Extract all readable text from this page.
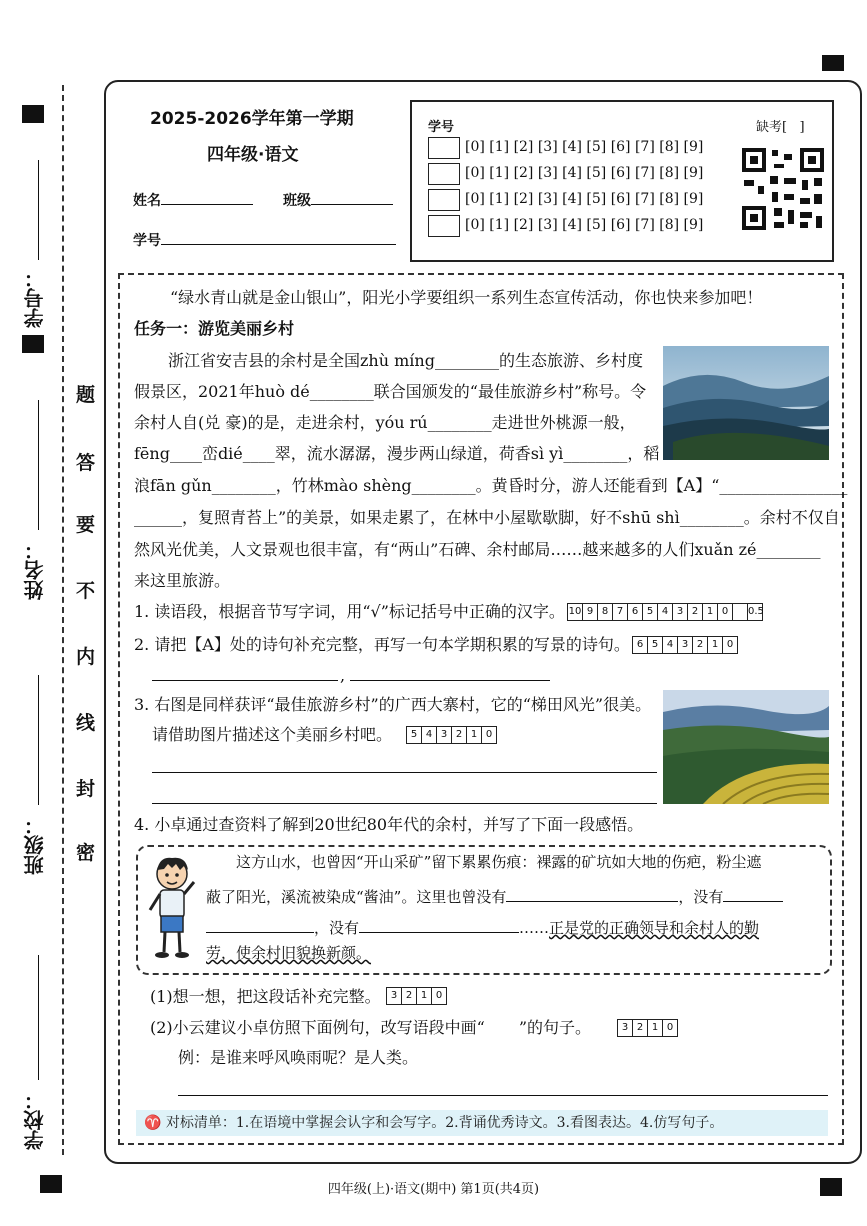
学号：
姓名：
班级：
学校：
题
答
要
不
内
线
封
密
2025-2026学年第一学期
四年级·语文
姓名	班级
学号
学号	缺考[   ]
[0] [1] [2] [3] [4] [5] [6] [7] [8] [9]
[0] [1] [2] [3] [4] [5] [6] [7] [8] [9]
[0] [1] [2] [3] [4] [5] [6] [7] [8] [9]
[0] [1] [2] [3] [4] [5] [6] [7] [8] [9]
“绿水青山就是金山银山”，阳光小学要组织一系列生态宣传活动，你也快来参加吧！
任务一：游览美丽乡村
浙江省安吉县的余村是全国zhù míng________的生态旅游、乡村度
假景区，2021年huò dé________联合国颁发的“最佳旅游乡村”称号。令
余村人自(兑 豪)的是，走进余村，yóu rú________走进世外桃源一般，
fēng____峦dié____翠，流水潺潺，漫步两山绿道，荷香sì yì________，稻
浪fān gǔn________，竹林mào shèng________。黄昏时分，游人还能看到【A】“________________
______，复照青苔上”的美景，如果走累了，在林中小屋歇歇脚，好不shū shì________。余村不仅自
然风光优美，人文景观也很丰富，有“两山”石碑、余村邮局……越来越多的人们xuǎn zé________
来这里旅游。
1. 读语段，根据音节写字词，用“√”标记括号中正确的汉字。 10 9 8 7 6 5 4 3 2 1 0	0.5
2. 请把【A】处的诗句补充完整，再写一句本学期积累的写景的诗句。 6 5 4 3 2 1 0
,
3. 右图是同样获评“最佳旅游乡村”的广西大寨村，它的“梯田风光”很美。
请借助图片描述这个美丽乡村吧。	5 4 3 2 1 0
4. 小卓通过查资料了解到20世纪80年代的余村，并写了下面一段感悟。
这方山水，也曾因“开山采矿”留下累累伤痕：裸露的矿坑如大地的伤疤，粉尘遮
蔽了阳光，溪流被染成“酱油”。这里也曾没有	，没有
，没有	……正是党的正确领导和余村人的勤
劳，使余村旧貌换新颜。
(1)想一想，把这段话补充完整。	3 2 1 0
(2)小云建议小卓仿照下面例句，改写语段中画“ ”的句子。	3 2 1 0
例：是谁来呼风唤雨呢？是人类。
♈ 对标清单：1.在语境中掌握会认字和会写字。2.背诵优秀诗文。3.看图表达。4.仿写句子。
四年级(上)·语文(期中) 第1页(共4页)
